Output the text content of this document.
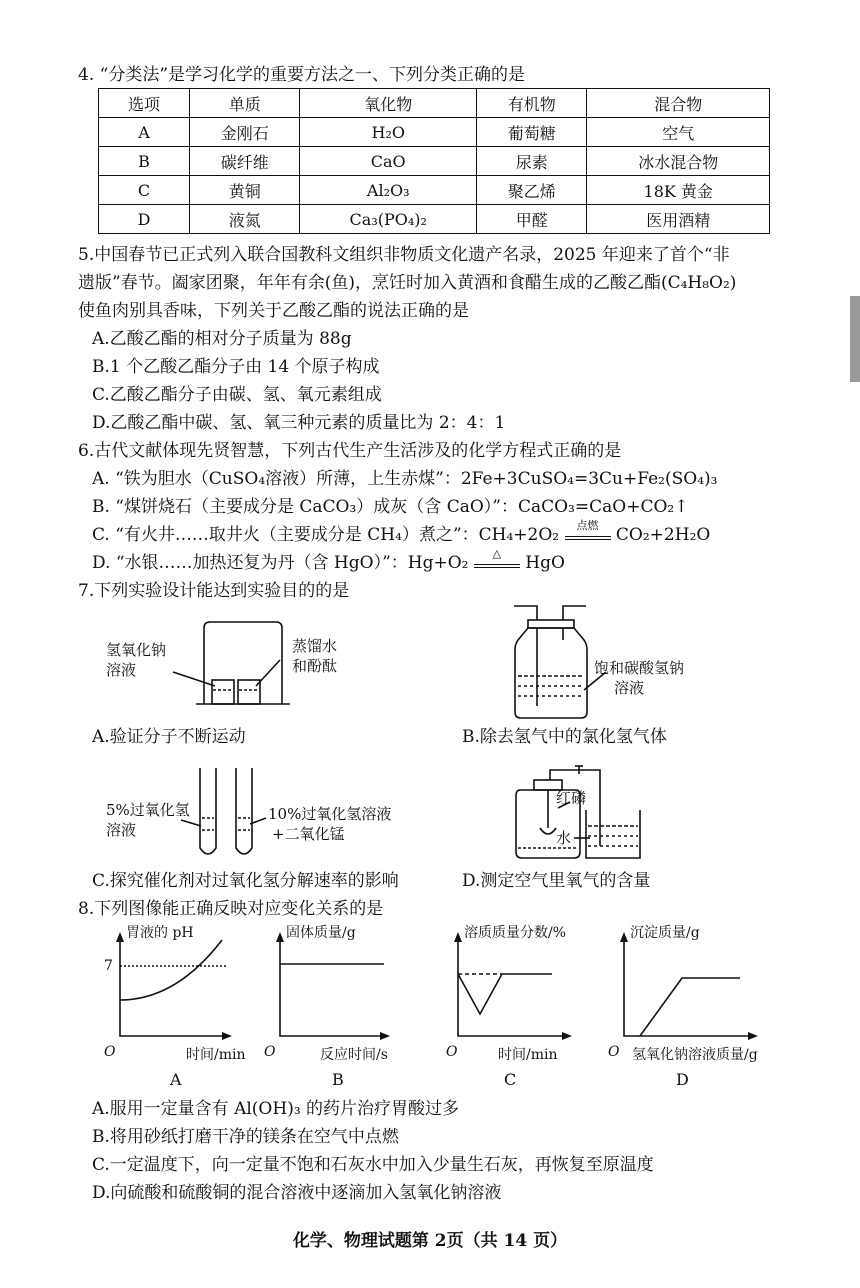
4. “分类法”是学习化学的重要方法之一、下列分类正确的是
选项	单质	氧化物	有机物	混合物
A	金刚石	H₂O	葡萄糖	空气
B	碳纤维	CaO	尿素	冰水混合物
C	黄铜	Al₂O₃	聚乙烯	18K 黄金
D	液氮	Ca₃(PO₄)₂	甲醛	医用酒精
5.中国春节已正式列入联合国教科文组织非物质文化遗产名录，2025 年迎来了首个“非
遗版”春节。阖家团聚，年年有余(鱼)，烹饪时加入黄酒和食醋生成的乙酸乙酯(C₄H₈O₂)
使鱼肉别具香味，下列关于乙酸乙酯的说法正确的是
A.乙酸乙酯的相对分子质量为 88g
B.1 个乙酸乙酯分子由 14 个原子构成
C.乙酸乙酯分子由碳、氢、氧元素组成
D.乙酸乙酯中碳、氢、氧三种元素的质量比为 2：4：1
6.古代文献体现先贤智慧，下列古代生产生活涉及的化学方程式正确的是
A. “铁为胆水（CuSO₄溶液）所薄，上生赤煤”：2Fe+3CuSO₄=3Cu+Fe₂(SO₄)₃
B. “煤饼烧石（主要成分是 CaCO₃）成灰（含 CaO）”：CaCO₃=CaO+CO₂↑
C. “有火井……取井火（主要成分是 CH₄）煮之”：CH₄+2O₂	点燃	CO₂+2H₂O
D. “水银……加热还复为丹（含 HgO）”：Hg+O₂	△	HgO
7.下列实验设计能达到实验目的的是
氢氧化钠
溶液
蒸馏水
和酚酞
A.验证分子不断运动
饱和碳酸氢钠
溶液
B.除去氢气中的氯化氢气体
5%过氧化氢
溶液
10%过氧化氢溶液
+二氧化锰
C.探究催化剂对过氧化氢分解速率的影响
红磷
水
D.测定空气里氧气的含量
8.下列图像能正确反映对应变化关系的是
胃液的 pH
7
O	时间/min
A
固体质量/g
O	反应时间/s
B
溶质质量分数/%
O	时间/min
C
沉淀质量/g
O 氢氧化钠溶液质量/g
D
A.服用一定量含有 Al(OH)₃ 的药片治疗胃酸过多
B.将用砂纸打磨干净的镁条在空气中点燃
C.一定温度下，向一定量不饱和石灰水中加入少量生石灰，再恢复至原温度
D.向硫酸和硫酸铜的混合溶液中逐滴加入氢氧化钠溶液
化学、物理试题第 2页（共 14 页）
